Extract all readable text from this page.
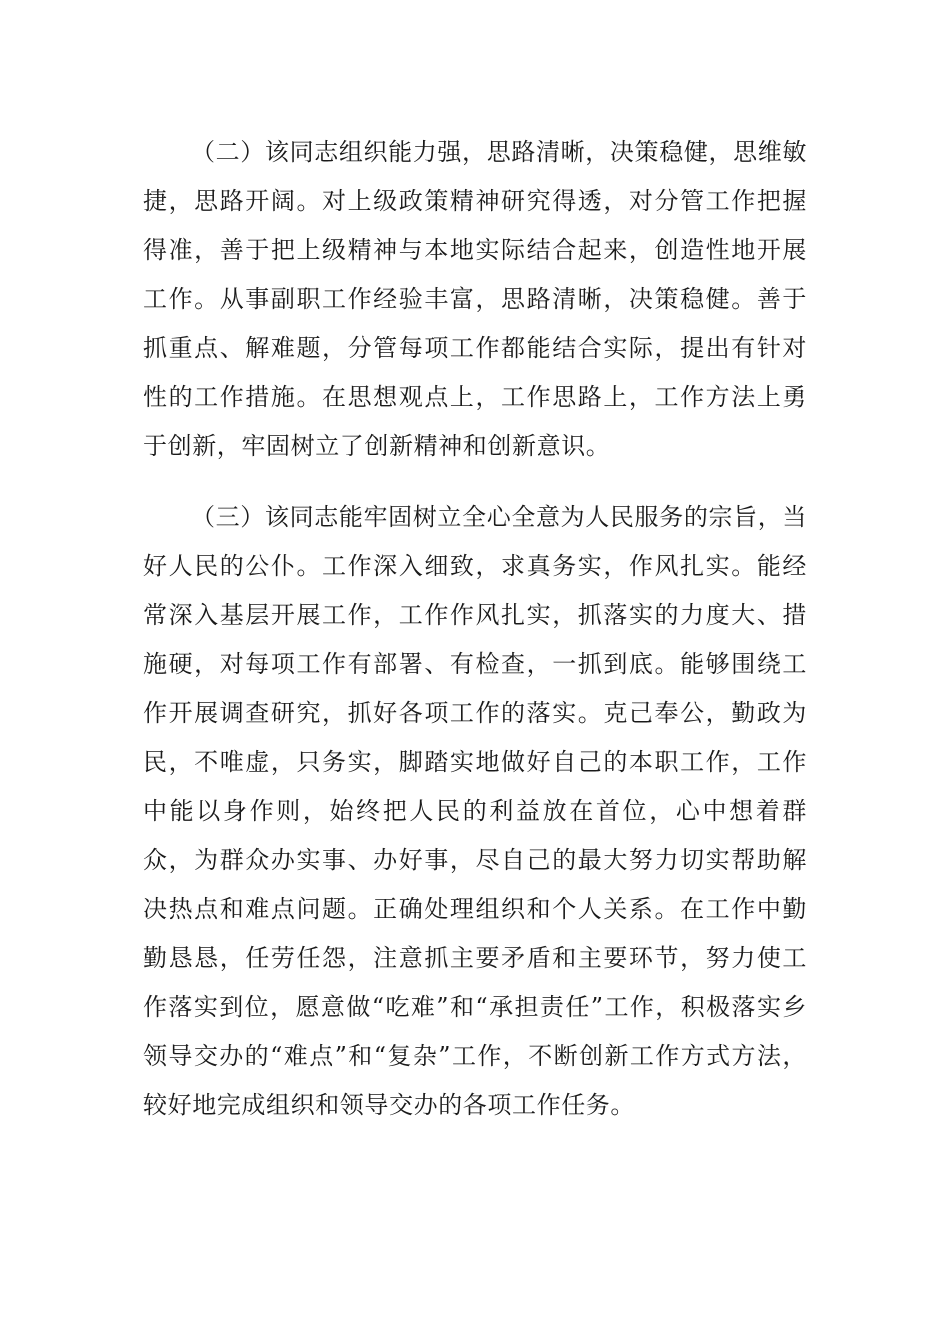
（二）该同志组织能力强，思路清晰，决策稳健，思维敏捷，思路开阔。对上级政策精神研究得透，对分管工作把握得准，善于把上级精神与本地实际结合起来，创造性地开展工作。从事副职工作经验丰富，思路清晰，决策稳健。善于抓重点、解难题，分管每项工作都能结合实际，提出有针对性的工作措施。在思想观点上，工作思路上，工作方法上勇于创新，牢固树立了创新精神和创新意识。

（三）该同志能牢固树立全心全意为人民服务的宗旨，当好人民的公仆。工作深入细致，求真务实，作风扎实。能经常深入基层开展工作，工作作风扎实，抓落实的力度大、措施硬，对每项工作有部署、有检查，一抓到底。能够围绕工作开展调查研究，抓好各项工作的落实。克己奉公，勤政为民，不唯虚，只务实，脚踏实地做好自己的本职工作，工作中能以身作则，始终把人民的利益放在首位，心中想着群众，为群众办实事、办好事，尽自己的最大努力切实帮助解决热点和难点问题。正确处理组织和个人关系。在工作中勤勤恳恳，任劳任怨，注意抓主要矛盾和主要环节，努力使工作落实到位，愿意做“吃难”和“承担责任”工作，积极落实乡领导交办的“难点”和“复杂”工作，不断创新工作方式方法，较好地完成组织和领导交办的各项工作任务。
